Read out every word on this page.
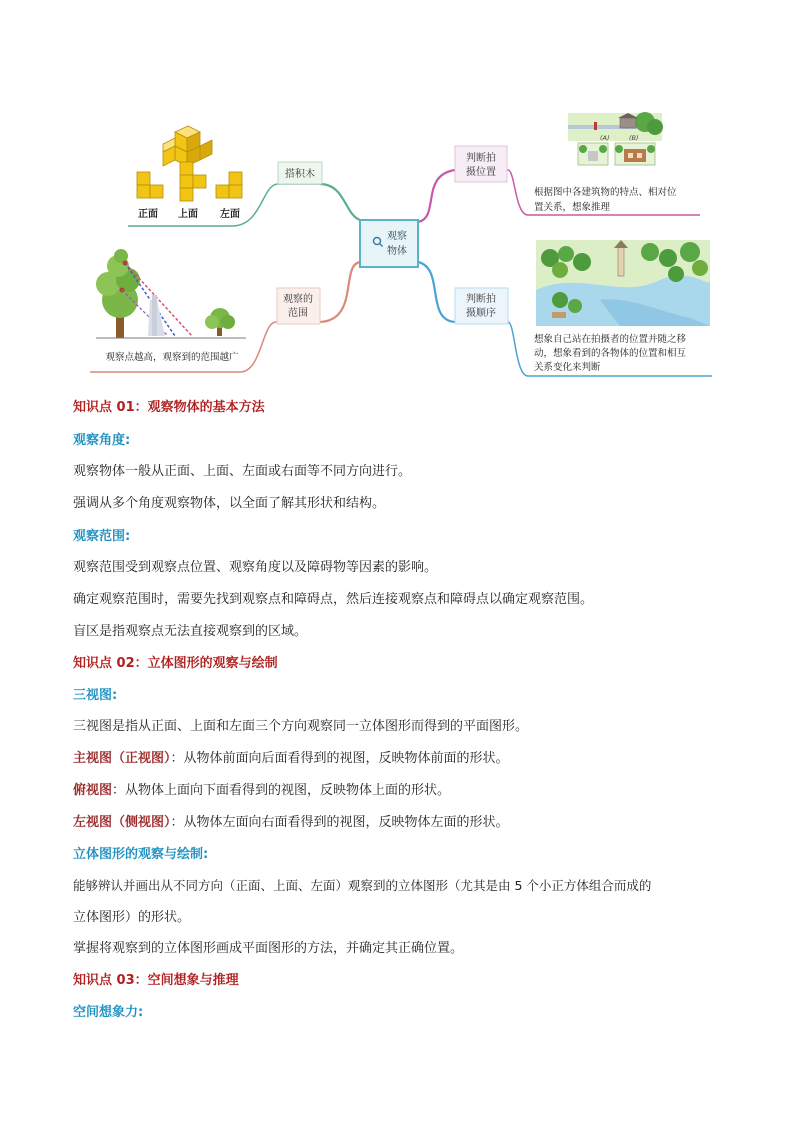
观察
物体
搭积木
判断拍
摄位置
观察的
范围
判断拍
摄顺序
正面 上面 左面
观察点越高，观察到的范围越广
(A)	(B)
根据图中各建筑物的特点、相对位
置关系，想象推理
想象自己站在拍摄者的位置并随之移
动，想象看到的各物体的位置和相互
关系变化来判断
知识点 01：观察物体的基本方法
观察角度:
观察物体一般从正面、上面、左面或右面等不同方向进行。
强调从多个角度观察物体，以全面了解其形状和结构。
观察范围:
观察范围受到观察点位置、观察角度以及障碍物等因素的影响。
确定观察范围时，需要先找到观察点和障碍点，然后连接观察点和障碍点以确定观察范围。
盲区是指观察点无法直接观察到的区域。
知识点 02：立体图形的观察与绘制
三视图:
三视图是指从正面、上面和左面三个方向观察同一立体图形而得到的平面图形。
主视图（正视图）：从物体前面向后面看得到的视图，反映物体前面的形状。
俯视图：从物体上面向下面看得到的视图，反映物体上面的形状。
左视图（侧视图）：从物体左面向右面看得到的视图，反映物体左面的形状。
立体图形的观察与绘制:
能够辨认并画出从不同方向（正面、上面、左面）观察到的立体图形（尤其是由 5 个小正方体组合而成的
立体图形）的形状。
掌握将观察到的立体图形画成平面图形的方法，并确定其正确位置。
知识点 03：空间想象与推理
空间想象力:
